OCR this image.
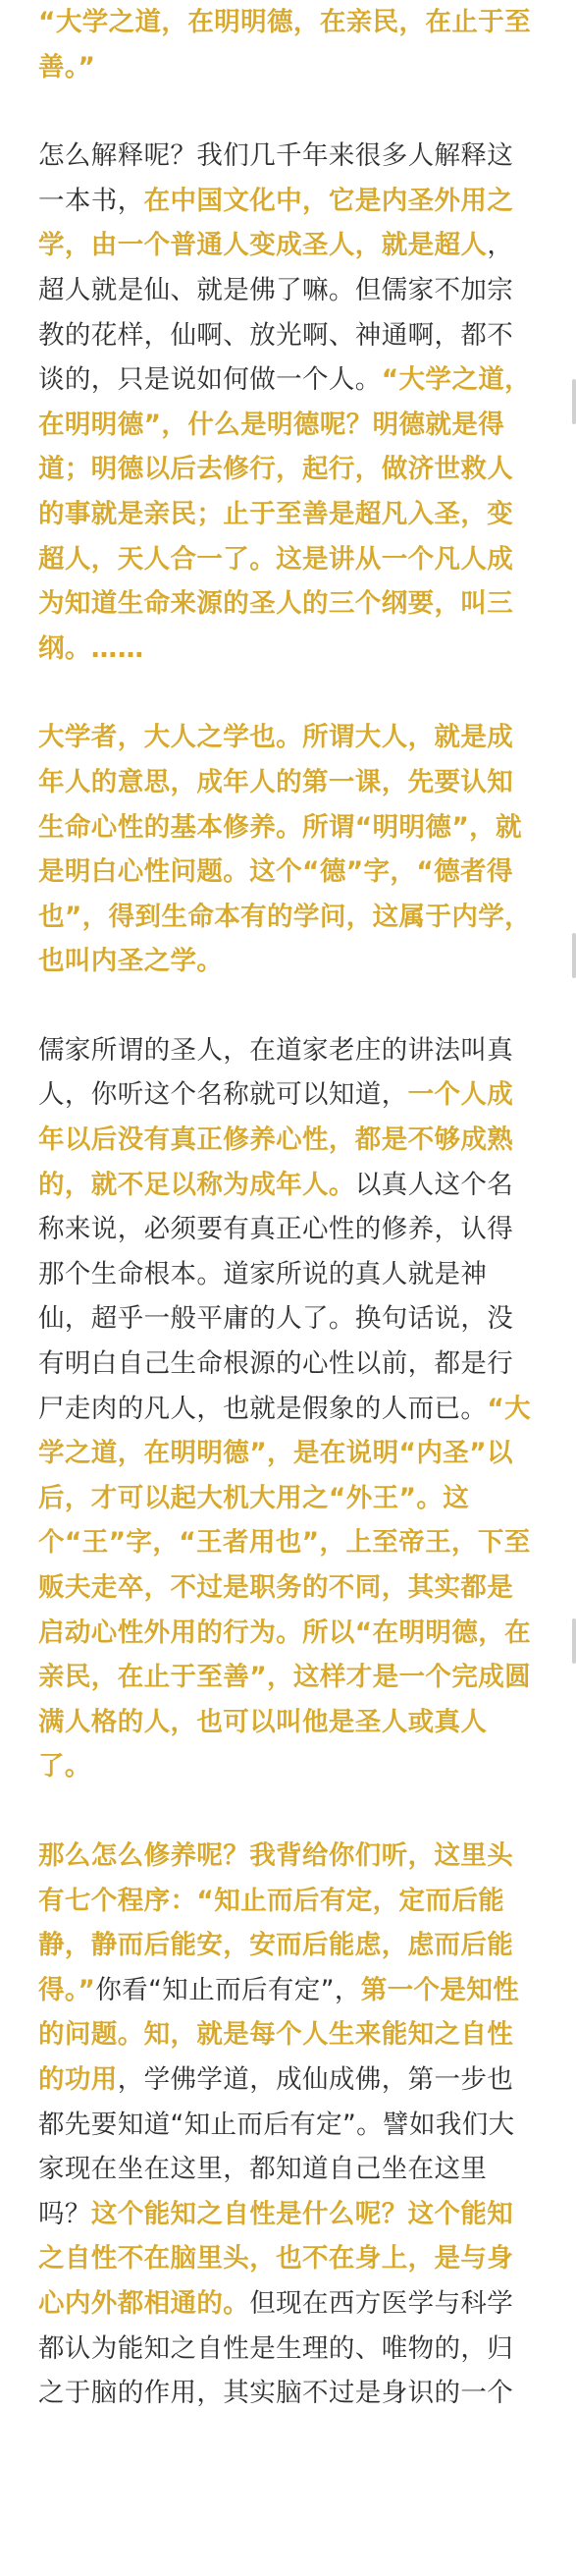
“大学之道，在明明德，在亲民，在止于至善。”

怎么解释呢？我们几千年来很多人解释这一本书，在中国文化中，它是内圣外用之学，由一个普通人变成圣人，就是超人，超人就是仙、就是佛了嘛。但儒家不加宗教的花样，仙啊、放光啊、神通啊，都不谈的，只是说如何做一个人。“大学之道，在明明德”，什么是明德呢？明德就是得道；明德以后去修行，起行，做济世救人的事就是亲民；止于至善是超凡入圣，变超人，天人合一了。这是讲从一个凡人成为知道生命来源的圣人的三个纲要，叫三纲。……

大学者，大人之学也。所谓大人，就是成年人的意思，成年人的第一课，先要认知生命心性的基本修养。所谓“明明德”，就是明白心性问题。这个“德”字，“德者得也”，得到生命本有的学问，这属于内学，也叫内圣之学。

儒家所谓的圣人，在道家老庄的讲法叫真人，你听这个名称就可以知道，一个人成年以后没有真正修养心性，都是不够成熟的，就不足以称为成年人。以真人这个名称来说，必须要有真正心性的修养，认得那个生命根本。道家所说的真人就是神仙，超乎一般平庸的人了。换句话说，没有明白自己生命根源的心性以前，都是行尸走肉的凡人，也就是假象的人而已。“大学之道，在明明德”，是在说明“内圣”以后，才可以起大机大用之“外王”。这个“王”字，“王者用也”，上至帝王，下至贩夫走卒，不过是职务的不同，其实都是启动心性外用的行为。所以“在明明德，在亲民，在止于至善”，这样才是一个完成圆满人格的人，也可以叫他是圣人或真人了。

那么怎么修养呢？我背给你们听，这里头有七个程序：“知止而后有定，定而后能静，静而后能安，安而后能虑，虑而后能得。”你看“知止而后有定”，第一个是知性的问题。知，就是每个人生来能知之自性的功用，学佛学道，成仙成佛，第一步也都先要知道“知止而后有定”。譬如我们大家现在坐在这里，都知道自己坐在这里吗？这个能知之自性是什么呢？这个能知之自性不在脑里头，也不在身上，是与身心内外都相通的。但现在西方医学与科学都认为能知之自性是生理的、唯物的，归之于脑的作用，其实脑不过是身识的一个
